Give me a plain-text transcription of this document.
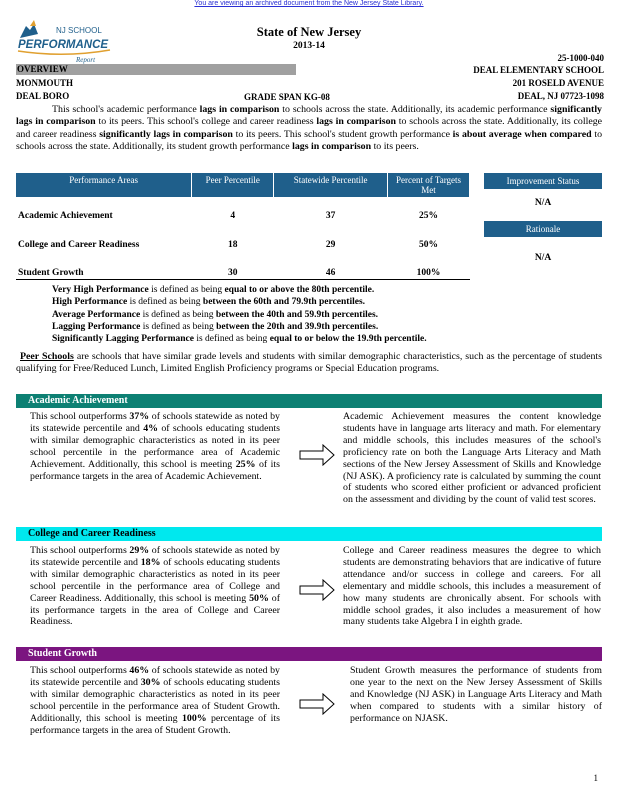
You are viewing an archived document from the New Jersey State Library.
NJ SCHOOL
PERFORMANCE
Report
State of New Jersey
2013-14
25-1000-040
OVERVIEW	DEAL ELEMENTARY SCHOOL
MONMOUTH	201 ROSELD AVENUE
DEAL BORO	GRADE SPAN KG-08	DEAL, NJ 07723-1098
This school's academic performance lags in comparison to schools across the state. Additionally, its academic performance significantly lags in comparison to its peers. This school's college and career readiness lags in comparison to schools across the state. Additionally, its college and career readiness significantly lags in comparison to its peers. This school's student growth performance is about average when compared to schools across the state. Additionally, its student growth performance lags in comparison to its peers.
Performance Areas	Peer Percentile	Statewide Percentile	Percent of Targets Met
Academic Achievement	4	37	25%
College and Career Readiness	18	29	50%
Student Growth	30	46	100%
Improvement Status
N/A
Rationale
N/A
Very High Performance is defined as being equal to or above the 80th percentile.
High Performance is defined as being between the 60th and 79.9th percentiles.
Average Performance is defined as being between the 40th and 59.9th percentiles.
Lagging Performance is defined as being between the 20th and 39.9th percentiles.
Significantly Lagging Performance is defined as being equal to or below the 19.9th percentile.
Peer Schools are schools that have similar grade levels and students with similar demographic characteristics, such as the percentage of students qualifying for Free/Reduced Lunch, Limited English Proficiency programs or Special Education programs.
Academic Achievement
This school outperforms 37% of schools statewide as noted by its statewide percentile and 4% of schools educating students with similar demographic characteristics as noted in its peer school percentile in the performance area of Academic Achievement. Additionally, this school is meeting 25% of its performance targets in the area of Academic Achievement.
Academic Achievement measures the content knowledge students have in language arts literacy and math. For elementary and middle schools, this includes measures of the school's proficiency rate on both the Language Arts Literacy and Math sections of the New Jersey Assessment of Skills and Knowledge (NJ ASK). A proficiency rate is calculated by summing the count of students who scored either proficient or advanced proficient on the assessment and dividing by the count of valid test scores.
College and Career Readiness
This school outperforms 29% of schools statewide as noted by its statewide percentile and 18% of schools educating students with similar demographic characteristics as noted in its peer school percentile in the performance area of College and Career Readiness. Additionally, this school is meeting 50% of its performance targets in the area of College and Career Readiness.
College and Career readiness measures the degree to which students are demonstrating behaviors that are indicative of future attendance and/or success in college and careers. For all elementary and middle schools, this includes a measurement of how many students are chronically absent. For schools with middle school grades, it also includes a measurement of how many students take Algebra I in eighth grade.
Student Growth
This school outperforms 46% of schools statewide as noted by its statewide percentile and 30% of schools educating students with similar demographic characteristics as noted in its peer school percentile in the performance area of Student Growth. Additionally, this school is meeting 100% percentage of its performance targets in the area of Student Growth.
Student Growth measures the performance of students from one year to the next on the New Jersey Assessment of Skills and Knowledge (NJ ASK) in Language Arts Literacy and Math when compared to students with a similar history of performance on NJASK.
1
